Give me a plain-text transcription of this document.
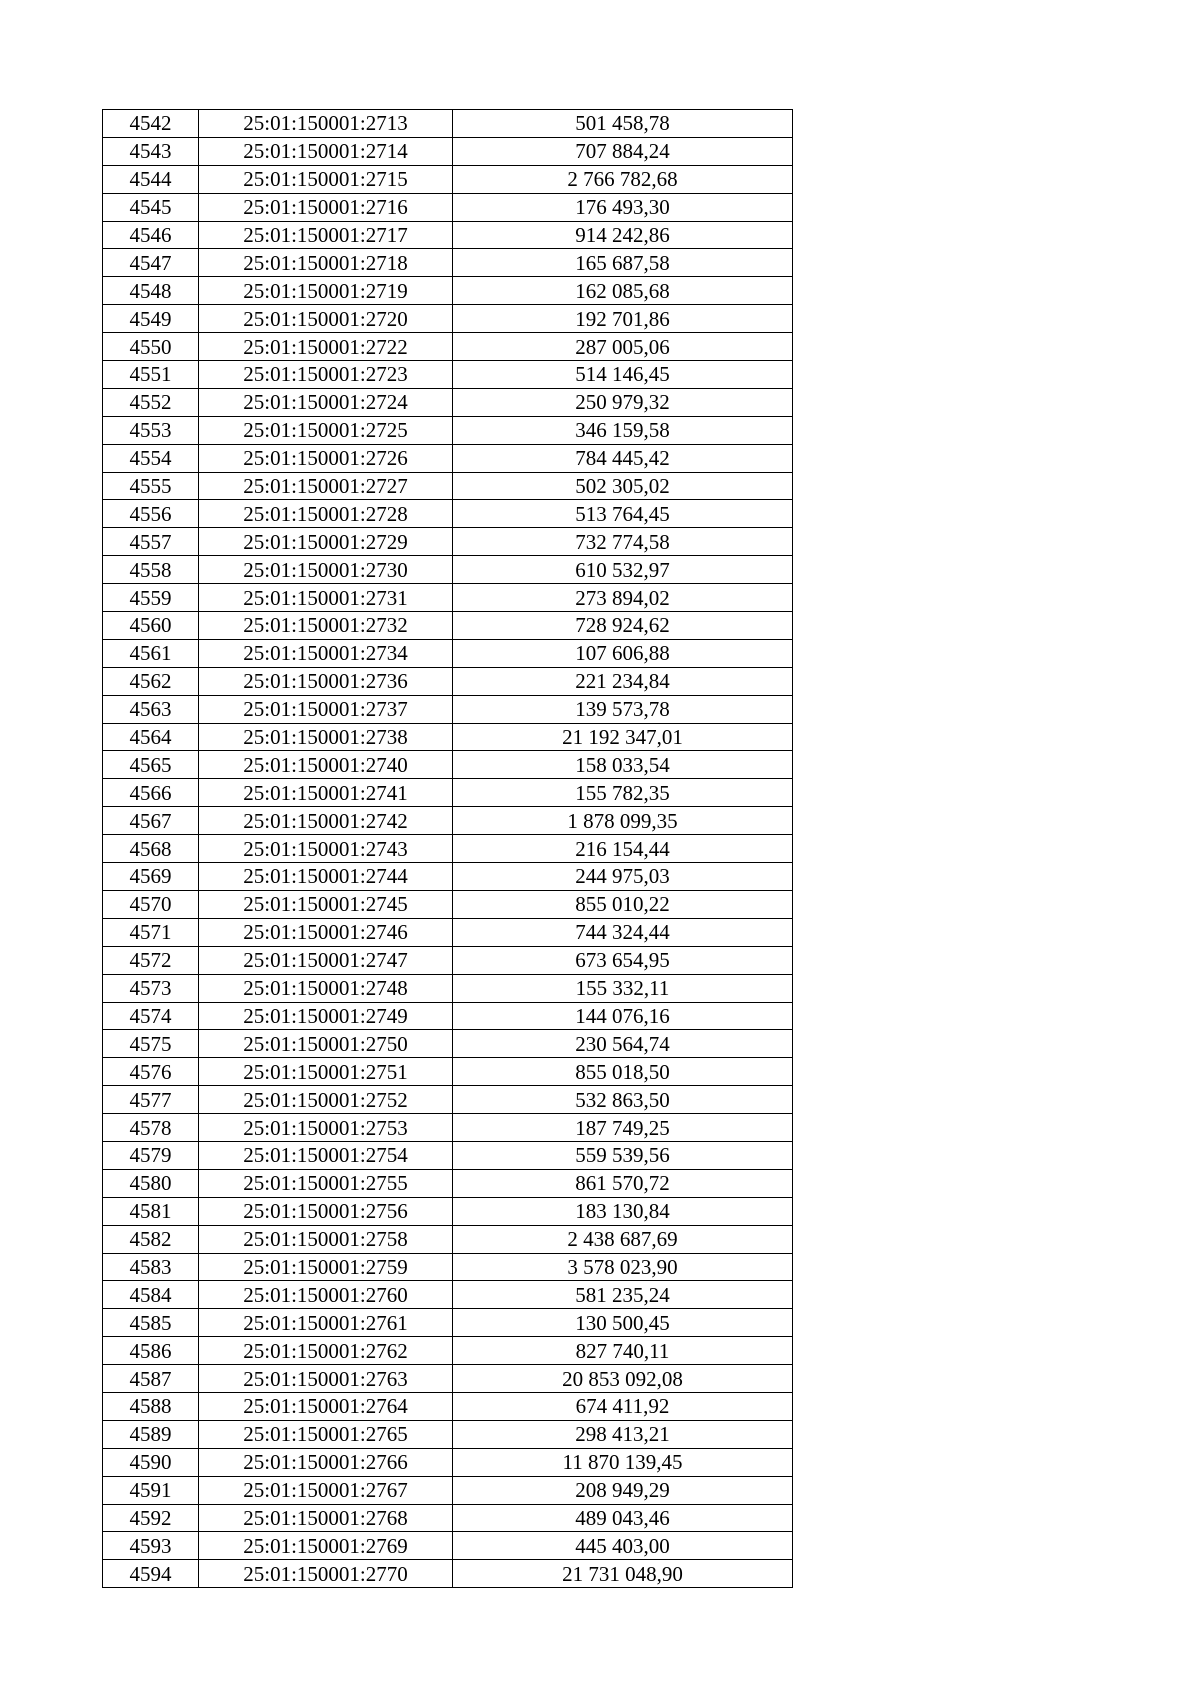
4542	25:01:150001:2713	501 458,78
4543	25:01:150001:2714	707 884,24
4544	25:01:150001:2715	2 766 782,68
4545	25:01:150001:2716	176 493,30
4546	25:01:150001:2717	914 242,86
4547	25:01:150001:2718	165 687,58
4548	25:01:150001:2719	162 085,68
4549	25:01:150001:2720	192 701,86
4550	25:01:150001:2722	287 005,06
4551	25:01:150001:2723	514 146,45
4552	25:01:150001:2724	250 979,32
4553	25:01:150001:2725	346 159,58
4554	25:01:150001:2726	784 445,42
4555	25:01:150001:2727	502 305,02
4556	25:01:150001:2728	513 764,45
4557	25:01:150001:2729	732 774,58
4558	25:01:150001:2730	610 532,97
4559	25:01:150001:2731	273 894,02
4560	25:01:150001:2732	728 924,62
4561	25:01:150001:2734	107 606,88
4562	25:01:150001:2736	221 234,84
4563	25:01:150001:2737	139 573,78
4564	25:01:150001:2738	21 192 347,01
4565	25:01:150001:2740	158 033,54
4566	25:01:150001:2741	155 782,35
4567	25:01:150001:2742	1 878 099,35
4568	25:01:150001:2743	216 154,44
4569	25:01:150001:2744	244 975,03
4570	25:01:150001:2745	855 010,22
4571	25:01:150001:2746	744 324,44
4572	25:01:150001:2747	673 654,95
4573	25:01:150001:2748	155 332,11
4574	25:01:150001:2749	144 076,16
4575	25:01:150001:2750	230 564,74
4576	25:01:150001:2751	855 018,50
4577	25:01:150001:2752	532 863,50
4578	25:01:150001:2753	187 749,25
4579	25:01:150001:2754	559 539,56
4580	25:01:150001:2755	861 570,72
4581	25:01:150001:2756	183 130,84
4582	25:01:150001:2758	2 438 687,69
4583	25:01:150001:2759	3 578 023,90
4584	25:01:150001:2760	581 235,24
4585	25:01:150001:2761	130 500,45
4586	25:01:150001:2762	827 740,11
4587	25:01:150001:2763	20 853 092,08
4588	25:01:150001:2764	674 411,92
4589	25:01:150001:2765	298 413,21
4590	25:01:150001:2766	11 870 139,45
4591	25:01:150001:2767	208 949,29
4592	25:01:150001:2768	489 043,46
4593	25:01:150001:2769	445 403,00
4594	25:01:150001:2770	21 731 048,90
